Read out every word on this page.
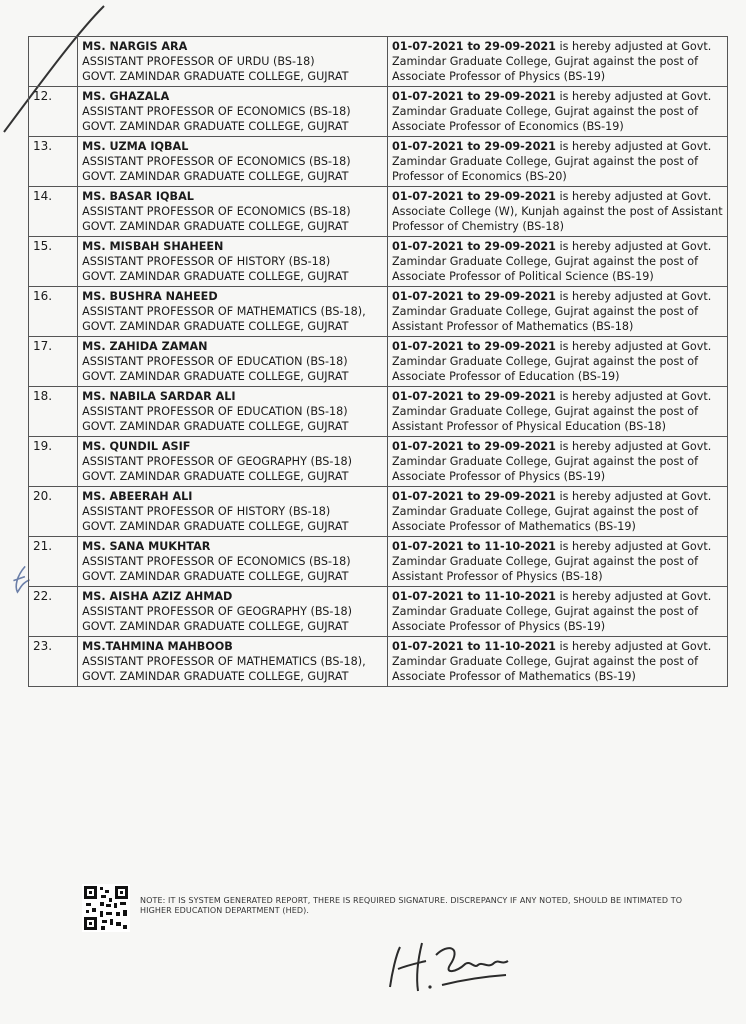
	MS. NARGIS ARA
ASSISTANT PROFESSOR OF URDU (BS-18)
GOVT. ZAMINDAR GRADUATE COLLEGE, GUJRAT	01-07-2021 to 29-09-2021 is hereby adjusted at Govt. Zamindar Graduate College, Gujrat against the post of Associate Professor of Physics (BS-19)
12.	MS. GHAZALA
ASSISTANT PROFESSOR OF ECONOMICS (BS-18)
GOVT. ZAMINDAR GRADUATE COLLEGE, GUJRAT	01-07-2021 to 29-09-2021 is hereby adjusted at Govt. Zamindar Graduate College, Gujrat against the post of Associate Professor of Economics (BS-19)
13.	MS. UZMA IQBAL
ASSISTANT PROFESSOR OF ECONOMICS (BS-18)
GOVT. ZAMINDAR GRADUATE COLLEGE, GUJRAT	01-07-2021 to 29-09-2021 is hereby adjusted at Govt. Zamindar Graduate College, Gujrat against the post of Professor of Economics (BS-20)
14.	MS. BASAR IQBAL
ASSISTANT PROFESSOR OF ECONOMICS (BS-18)
GOVT. ZAMINDAR GRADUATE COLLEGE, GUJRAT	01-07-2021 to 29-09-2021 is hereby adjusted at Govt. Associate College (W), Kunjah against the post of Assistant Professor of Chemistry (BS-18)
15.	MS. MISBAH SHAHEEN
ASSISTANT PROFESSOR OF HISTORY (BS-18)
GOVT. ZAMINDAR GRADUATE COLLEGE, GUJRAT	01-07-2021 to 29-09-2021 is hereby adjusted at Govt. Zamindar Graduate College, Gujrat against the post of Associate Professor of Political Science (BS-19)
16.	MS. BUSHRA NAHEED
ASSISTANT PROFESSOR OF MATHEMATICS (BS-18),
GOVT. ZAMINDAR GRADUATE COLLEGE, GUJRAT	01-07-2021 to 29-09-2021 is hereby adjusted at Govt. Zamindar Graduate College, Gujrat against the post of Assistant Professor of Mathematics (BS-18)
17.	MS. ZAHIDA ZAMAN
ASSISTANT PROFESSOR OF EDUCATION (BS-18)
GOVT. ZAMINDAR GRADUATE COLLEGE, GUJRAT	01-07-2021 to 29-09-2021 is hereby adjusted at Govt. Zamindar Graduate College, Gujrat against the post of Associate Professor of Education (BS-19)
18.	MS. NABILA SARDAR ALI
ASSISTANT PROFESSOR OF EDUCATION (BS-18)
GOVT. ZAMINDAR GRADUATE COLLEGE, GUJRAT	01-07-2021 to 29-09-2021 is hereby adjusted at Govt. Zamindar Graduate College, Gujrat against the post of Assistant Professor of Physical Education (BS-18)
19.	MS. QUNDIL ASIF
ASSISTANT PROFESSOR OF GEOGRAPHY (BS-18)
GOVT. ZAMINDAR GRADUATE COLLEGE, GUJRAT	01-07-2021 to 29-09-2021 is hereby adjusted at Govt. Zamindar Graduate College, Gujrat against the post of Associate Professor of Physics (BS-19)
20.	MS. ABEERAH ALI
ASSISTANT PROFESSOR OF HISTORY (BS-18)
GOVT. ZAMINDAR GRADUATE COLLEGE, GUJRAT	01-07-2021 to 29-09-2021 is hereby adjusted at Govt. Zamindar Graduate College, Gujrat against the post of Associate Professor of Mathematics (BS-19)
21.	MS. SANA MUKHTAR
ASSISTANT PROFESSOR OF ECONOMICS (BS-18)
GOVT. ZAMINDAR GRADUATE COLLEGE, GUJRAT	01-07-2021 to 11-10-2021 is hereby adjusted at Govt. Zamindar Graduate College, Gujrat against the post of Assistant Professor of Physics (BS-18)
22.	MS. AISHA AZIZ AHMAD
ASSISTANT PROFESSOR OF GEOGRAPHY (BS-18)
GOVT. ZAMINDAR GRADUATE COLLEGE, GUJRAT	01-07-2021 to 11-10-2021 is hereby adjusted at Govt. Zamindar Graduate College, Gujrat against the post of Associate Professor of Physics (BS-19)
23.	MS.TAHMINA MAHBOOB
ASSISTANT PROFESSOR OF MATHEMATICS (BS-18),
GOVT. ZAMINDAR GRADUATE COLLEGE, GUJRAT	01-07-2021 to 11-10-2021 is hereby adjusted at Govt. Zamindar Graduate College, Gujrat against the post of Associate Professor of Mathematics (BS-19)
NOTE: IT IS SYSTEM GENERATED REPORT, THERE IS REQUIRED SIGNATURE. DISCREPANCY IF ANY NOTED, SHOULD BE INTIMATED TO HIGHER EDUCATION DEPARTMENT (HED).
